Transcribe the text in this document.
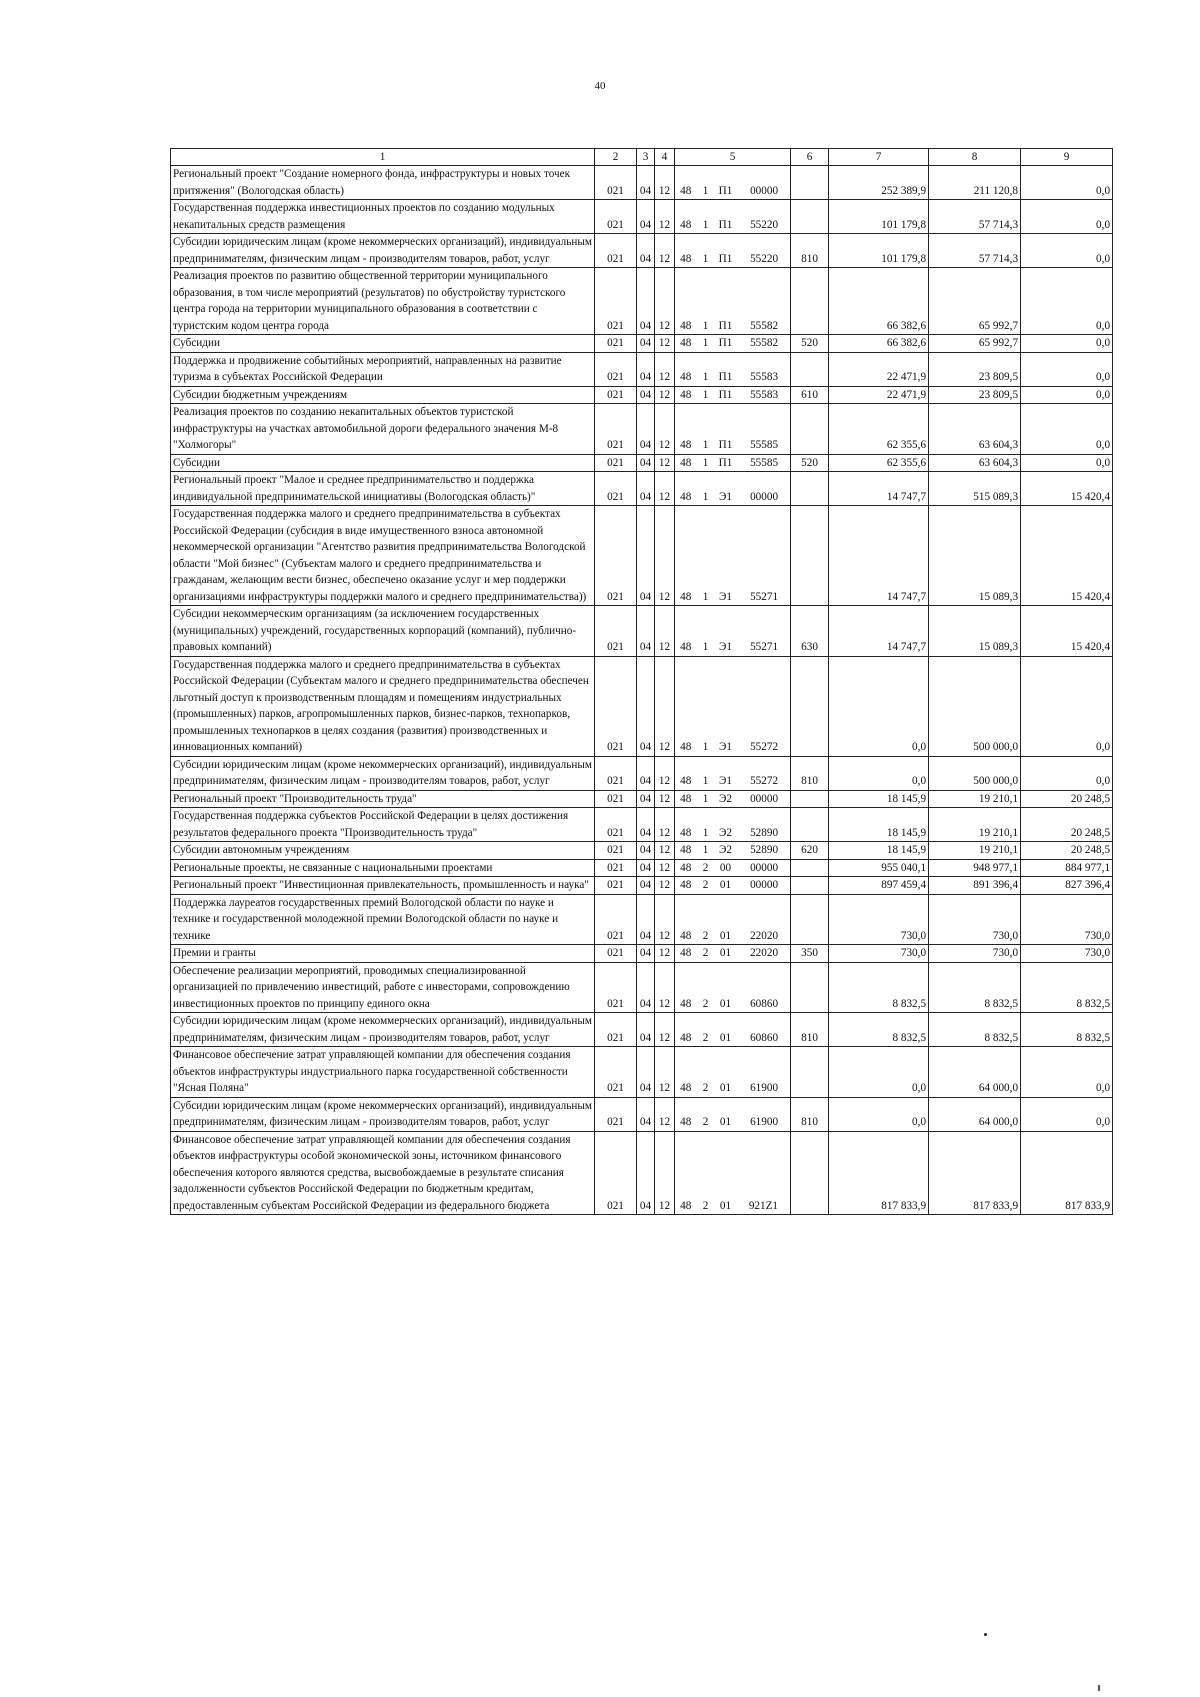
40
1	2	3	4	5				6	7	8	9
Региональный проект "Создание номерного фонда, инфраструктуры и новых точек притяжения" (Вологодская область)	021	04	12	48	1	П1	00000		252 389,9	211 120,8	0,0
Государственная поддержка инвестиционных проектов по созданию модульных некапитальных средств размещения	021	04	12	48	1	П1	55220		101 179,8	57 714,3	0,0
Субсидии юридическим лицам (кроме некоммерческих организаций), индивидуальным предпринимателям, физическим лицам - производителям товаров, работ, услуг	021	04	12	48	1	П1	55220	810	101 179,8	57 714,3	0,0
Реализация проектов по развитию общественной территории муниципального образования, в том числе мероприятий (результатов) по обустройству туристского центра города на территории муниципального образования в соответствии с туристским кодом центра города	021	04	12	48	1	П1	55582		66 382,6	65 992,7	0,0
Субсидии	021	04	12	48	1	П1	55582	520	66 382,6	65 992,7	0,0
Поддержка и продвижение событийных мероприятий, направленных на развитие туризма в субъектах Российской Федерации	021	04	12	48	1	П1	55583		22 471,9	23 809,5	0,0
Субсидии бюджетным учреждениям	021	04	12	48	1	П1	55583	610	22 471,9	23 809,5	0,0
Реализация проектов по созданию некапитальных объектов туристской инфраструктуры на участках автомобильной дороги федерального значения М-8 "Холмогоры"	021	04	12	48	1	П1	55585		62 355,6	63 604,3	0,0
Субсидии	021	04	12	48	1	П1	55585	520	62 355,6	63 604,3	0,0
Региональный проект "Малое и среднее предпринимательство и поддержка индивидуальной предпринимательской инициативы (Вологодская область)"	021	04	12	48	1	Э1	00000		14 747,7	515 089,3	15 420,4
Государственная поддержка малого и среднего предпринимательства в субъектах Российской Федерации (субсидия в виде имущественного взноса автономной некоммерческой организации "Агентство развития предпринимательства Вологодской области "Мой бизнес" (Субъектам малого и среднего предпринимательства и гражданам, желающим вести бизнес, обеспечено оказание услуг и мер поддержки организациями инфраструктуры поддержки малого и среднего предпринимательства))	021	04	12	48	1	Э1	55271		14 747,7	15 089,3	15 420,4
Субсидии некоммерческим организациям (за исключением государственных (муниципальных) учреждений, государственных корпораций (компаний), публично-правовых компаний)	021	04	12	48	1	Э1	55271	630	14 747,7	15 089,3	15 420,4
Государственная поддержка малого и среднего предпринимательства в субъектах Российской Федерации (Субъектам малого и среднего предпринимательства обеспечен льготный доступ к производственным площадям и помещениям индустриальных (промышленных) парков, агропромышленных парков, бизнес-парков, технопарков, промышленных технопарков в целях создания (развития) производственных и инновационных компаний)	021	04	12	48	1	Э1	55272		0,0	500 000,0	0,0
Субсидии юридическим лицам (кроме некоммерческих организаций), индивидуальным предпринимателям, физическим лицам - производителям товаров, работ, услуг	021	04	12	48	1	Э1	55272	810	0,0	500 000,0	0,0
Региональный проект "Производительность труда"	021	04	12	48	1	Э2	00000		18 145,9	19 210,1	20 248,5
Государственная поддержка субъектов Российской Федерации в целях достижения результатов федерального проекта "Производительность труда"	021	04	12	48	1	Э2	52890		18 145,9	19 210,1	20 248,5
Субсидии автономным учреждениям	021	04	12	48	1	Э2	52890	620	18 145,9	19 210,1	20 248,5
Региональные проекты, не связанные с национальными проектами	021	04	12	48	2	00	00000		955 040,1	948 977,1	884 977,1
Региональный проект "Инвестиционная привлекательность, промышленность и наука"	021	04	12	48	2	01	00000		897 459,4	891 396,4	827 396,4
Поддержка лауреатов государственных премий Вологодской области по науке и технике и государственной молодежной премии Вологодской области по науке и технике	021	04	12	48	2	01	22020		730,0	730,0	730,0
Премии и гранты	021	04	12	48	2	01	22020	350	730,0	730,0	730,0
Обеспечение реализации мероприятий, проводимых специализированной организацией по привлечению инвестиций, работе с инвесторами, сопровождению инвестиционных проектов по принципу единого окна	021	04	12	48	2	01	60860		8 832,5	8 832,5	8 832,5
Субсидии юридическим лицам (кроме некоммерческих организаций), индивидуальным предпринимателям, физическим лицам - производителям товаров, работ, услуг	021	04	12	48	2	01	60860	810	8 832,5	8 832,5	8 832,5
Финансовое обеспечение затрат управляющей компании для обеспечения создания объектов инфраструктуры индустриального парка государственной собственности "Ясная Поляна"	021	04	12	48	2	01	61900		0,0	64 000,0	0,0
Субсидии юридическим лицам (кроме некоммерческих организаций), индивидуальным предпринимателям, физическим лицам - производителям товаров, работ, услуг	021	04	12	48	2	01	61900	810	0,0	64 000,0	0,0
Финансовое обеспечение затрат управляющей компании для обеспечения создания объектов инфраструктуры особой экономической зоны, источником финансового обеспечения которого являются средства, высвобождаемые в результате списания задолженности субъектов Российской Федерации по бюджетным кредитам, предоставленным субъектам Российской Федерации из федерального бюджета	021	04	12	48	2	01	921Z1		817 833,9	817 833,9	817 833,9
